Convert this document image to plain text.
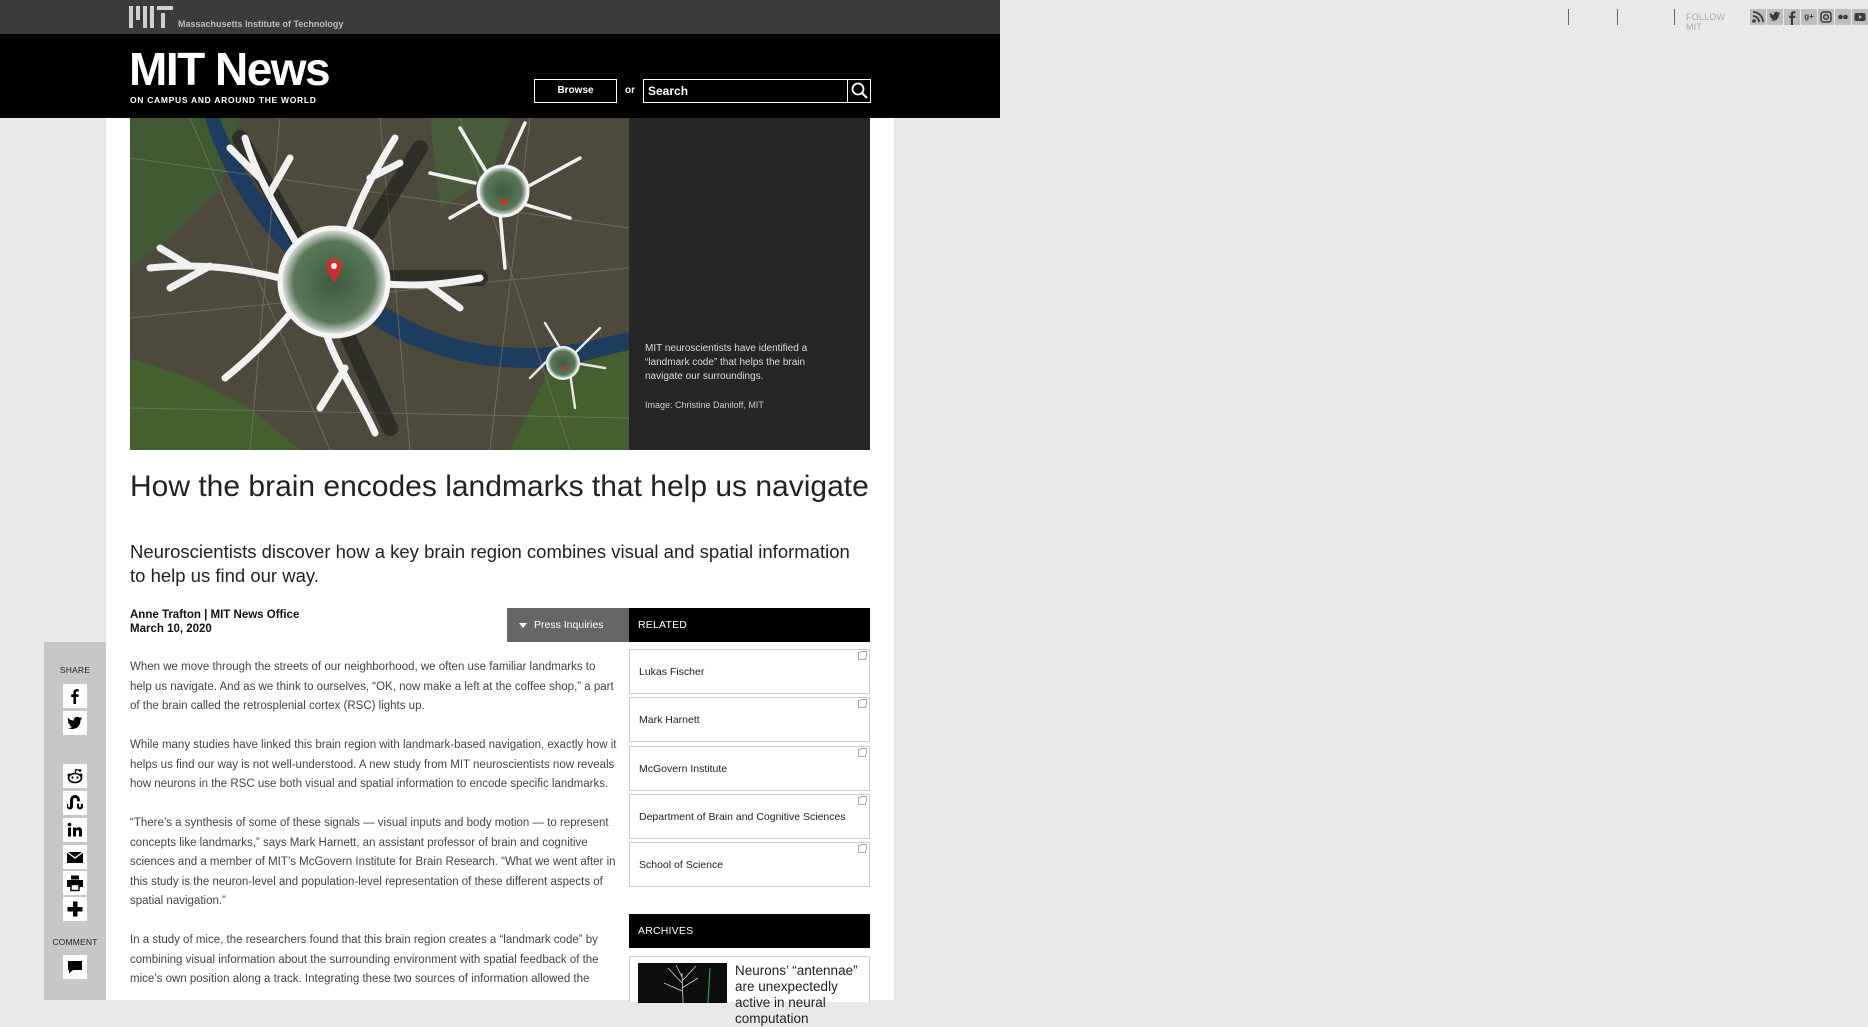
Massachusetts Institute of Technology
NEWS VIDEO SOCIAL	FOLLOW MIT
g+
MIT News
ON CAMPUS AND AROUND THE WORLD
Browse	or
Search
MIT neuroscientists have identified a “landmark code” that helps the brain navigate our surroundings.
Image: Christine Daniloff, MIT
How the brain encodes landmarks that help us navigate
Neuroscientists discover how a key brain region combines visual and spatial information to help us find our way.
Anne Trafton | MIT News Office
March 10, 2020	Press Inquiries

When we move through the streets of our neighborhood, we often use familiar landmarks to help us navigate. And as we think to ourselves, “OK, now make a left at the coffee shop,” a part of the brain called the retrosplenial cortex (RSC) lights up.

While many studies have linked this brain region with landmark-based navigation, exactly how it helps us find our way is not well-understood. A new study from MIT neuroscientists now reveals how neurons in the RSC use both visual and spatial information to encode specific landmarks.

“There’s a synthesis of some of these signals — visual inputs and body motion — to represent concepts like landmarks,” says Mark Harnett, an assistant professor of brain and cognitive sciences and a member of MIT’s McGovern Institute for Brain Research. “What we went after in this study is the neuron-level and population-level representation of these different aspects of spatial navigation.”

In a study of mice, the researchers found that this brain region creates a “landmark code” by combining visual information about the surrounding environment with spatial feedback of the mice’s own position along a track. Integrating these two sources of information allowed the

RELATED
Lukas Fischer
Mark Harnett
McGovern Institute
Department of Brain and Cognitive Sciences
School of Science
ARCHIVES
Neurons’ “antennae” are unexpectedly active in neural computation
SHARE
COMMENT
